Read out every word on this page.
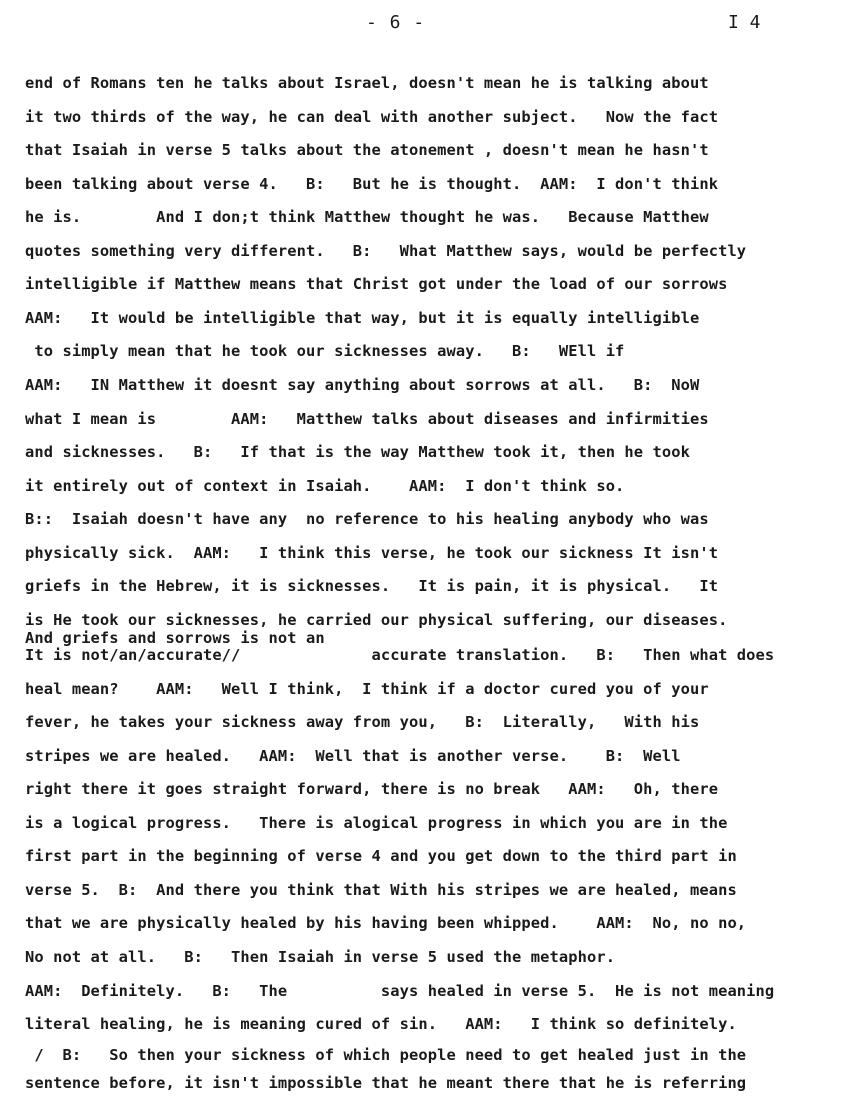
- 6 -	I 4
end of Romans ten he talks about Israel, doesn't mean he is talking about
it two thirds of the way, he can deal with another subject.   Now the fact
that Isaiah in verse 5 talks about the atonement , doesn't mean he hasn't
been talking about verse 4.   B:   But he is thought.  AAM:  I don't think
he is.        And I don;t think Matthew thought he was.   Because Matthew
quotes something very different.   B:   What Matthew says, would be perfectly
intelligible if Matthew means that Christ got under the load of our sorrows
AAM:   It would be intelligible that way, but it is equally intelligible
to simply mean that he took our sicknesses away.   B:   WEll if
AAM:   IN Matthew it doesnt say anything about sorrows at all.   B:  NoW
what I mean is        AAM:   Matthew talks about diseases and infirmities
and sicknesses.   B:   If that is the way Matthew took it, then he took
it entirely out of context in Isaiah.    AAM:  I don't think so.
B::  Isaiah doesn't have any  no reference to his healing anybody who was
physically sick.  AAM:   I think this verse, he took our sickness It isn't
griefs in the Hebrew, it is sicknesses.   It is pain, it is physical.   It
is He took our sicknesses, he carried our physical suffering, our diseases.
And griefs and sorrows is not an
It is not/an/accurate//              accurate translation.   B:   Then what does
heal mean?    AAM:   Well I think,  I think if a doctor cured you of your
fever, he takes your sickness away from you,   B:  Literally,   With his
stripes we are healed.   AAM:  Well that is another verse.    B:  Well
right there it goes straight forward, there is no break   AAM:   Oh, there
is a logical progress.   There is alogical progress in which you are in the
first part in the beginning of verse 4 and you get down to the third part in
verse 5.  B:  And there you think that With his stripes we are healed, means
that we are physically healed by his having been whipped.    AAM:  No, no no,
No not at all.   B:   Then Isaiah in verse 5 used the metaphor.
AAM:  Definitely.   B:   The          says healed in verse 5.  He is not meaning
literal healing, he is meaning cured of sin.   AAM:   I think so definitely.
/  B:   So then your sickness of which people need to get healed just in the
sentence before, it isn't impossible that he meant there that he is referring
